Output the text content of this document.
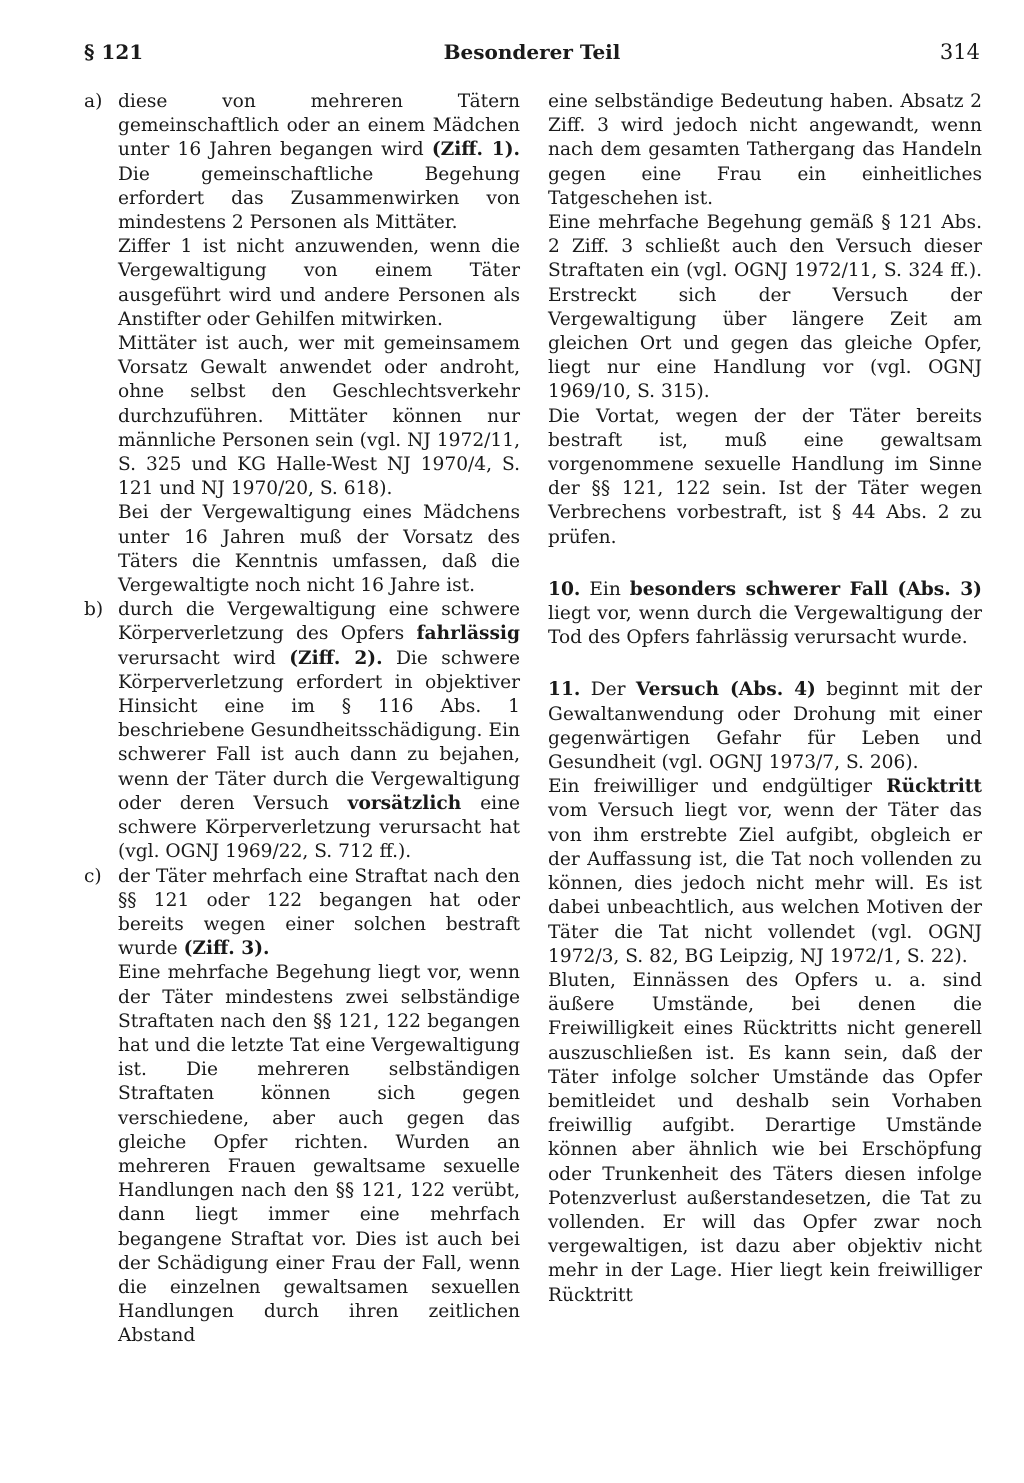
§ 121	Besonderer Teil	314
a) diese von mehreren Tätern gemeinschaftlich oder an einem Mädchen unter 16 Jahren begangen wird (Ziff. 1). Die gemeinschaftliche Begehung erfordert das Zusammenwirken von mindestens 2 Personen als Mittäter.

Ziffer 1 ist nicht anzuwenden, wenn die Vergewaltigung von einem Täter ausgeführt wird und andere Personen als Anstifter oder Gehilfen mitwirken.

Mittäter ist auch, wer mit gemeinsamem Vorsatz Gewalt anwendet oder androht, ohne selbst den Geschlechtsverkehr durchzuführen. Mittäter können nur männliche Personen sein (vgl. NJ 1972/11, S. 325 und KG Halle-West NJ 1970/4, S. 121 und NJ 1970/20, S. 618).

Bei der Vergewaltigung eines Mädchens unter 16 Jahren muß der Vorsatz des Täters die Kenntnis umfassen, daß die Vergewaltigte noch nicht 16 Jahre ist.

b) durch die Vergewaltigung eine schwere Körperverletzung des Opfers fahrlässig verursacht wird (Ziff. 2). Die schwere Körperverletzung erfordert in objektiver Hinsicht eine im § 116 Abs. 1 beschriebene Gesundheitsschädigung. Ein schwerer Fall ist auch dann zu bejahen, wenn der Täter durch die Vergewaltigung oder deren Versuch vorsätzlich eine schwere Körperverletzung verursacht hat (vgl. OGNJ 1969/22, S. 712 ff.).

c) der Täter mehrfach eine Straftat nach den §§ 121 oder 122 begangen hat oder bereits wegen einer solchen bestraft wurde (Ziff. 3).

Eine mehrfache Begehung liegt vor, wenn der Täter mindestens zwei selbständige Straftaten nach den §§ 121, 122 begangen hat und die letzte Tat eine Vergewaltigung ist. Die mehreren selbständigen Straftaten können sich gegen verschiedene, aber auch gegen das gleiche Opfer richten. Wurden an mehreren Frauen gewaltsame sexuelle Handlungen nach den §§ 121, 122 verübt, dann liegt immer eine mehrfach begangene Straftat vor. Dies ist auch bei der Schädigung einer Frau der Fall, wenn die einzelnen gewaltsamen sexuellen Handlungen durch ihren zeitlichen Abstand

eine selbständige Bedeutung haben. Absatz 2 Ziff. 3 wird jedoch nicht angewandt, wenn nach dem gesamten Tathergang das Handeln gegen eine Frau ein einheitliches Tatgeschehen ist.

Eine mehrfache Begehung gemäß § 121 Abs. 2 Ziff. 3 schließt auch den Versuch dieser Straftaten ein (vgl. OGNJ 1972/11, S. 324 ff.). Erstreckt sich der Versuch der Vergewaltigung über längere Zeit am gleichen Ort und gegen das gleiche Opfer, liegt nur eine Handlung vor (vgl. OGNJ 1969/10, S. 315).

Die Vortat, wegen der der Täter bereits bestraft ist, muß eine gewaltsam vorgenommene sexuelle Handlung im Sinne der §§ 121, 122 sein. Ist der Täter wegen Verbrechens vorbestraft, ist § 44 Abs. 2 zu prüfen.

10. Ein besonders schwerer Fall (Abs. 3) liegt vor, wenn durch die Vergewaltigung der Tod des Opfers fahrlässig verursacht wurde.

11. Der Versuch (Abs. 4) beginnt mit der Gewaltanwendung oder Drohung mit einer gegenwärtigen Gefahr für Leben und Gesundheit (vgl. OGNJ 1973/7, S. 206).

Ein freiwilliger und endgültiger Rücktritt vom Versuch liegt vor, wenn der Täter das von ihm erstrebte Ziel aufgibt, obgleich er der Auffassung ist, die Tat noch vollenden zu können, dies jedoch nicht mehr will. Es ist dabei unbeachtlich, aus welchen Motiven der Täter die Tat nicht vollendet (vgl. OGNJ 1972/3, S. 82, BG Leipzig, NJ 1972/1, S. 22).

Bluten, Einnässen des Opfers u. a. sind äußere Umstände, bei denen die Freiwilligkeit eines Rücktritts nicht generell auszuschließen ist. Es kann sein, daß der Täter infolge solcher Umstände das Opfer bemitleidet und deshalb sein Vorhaben freiwillig aufgibt. Derartige Umstände können aber ähnlich wie bei Erschöpfung oder Trunkenheit des Täters diesen infolge Potenzverlust außerstandesetzen, die Tat zu vollenden. Er will das Opfer zwar noch vergewaltigen, ist dazu aber objektiv nicht mehr in der Lage. Hier liegt kein freiwilliger Rücktritt
